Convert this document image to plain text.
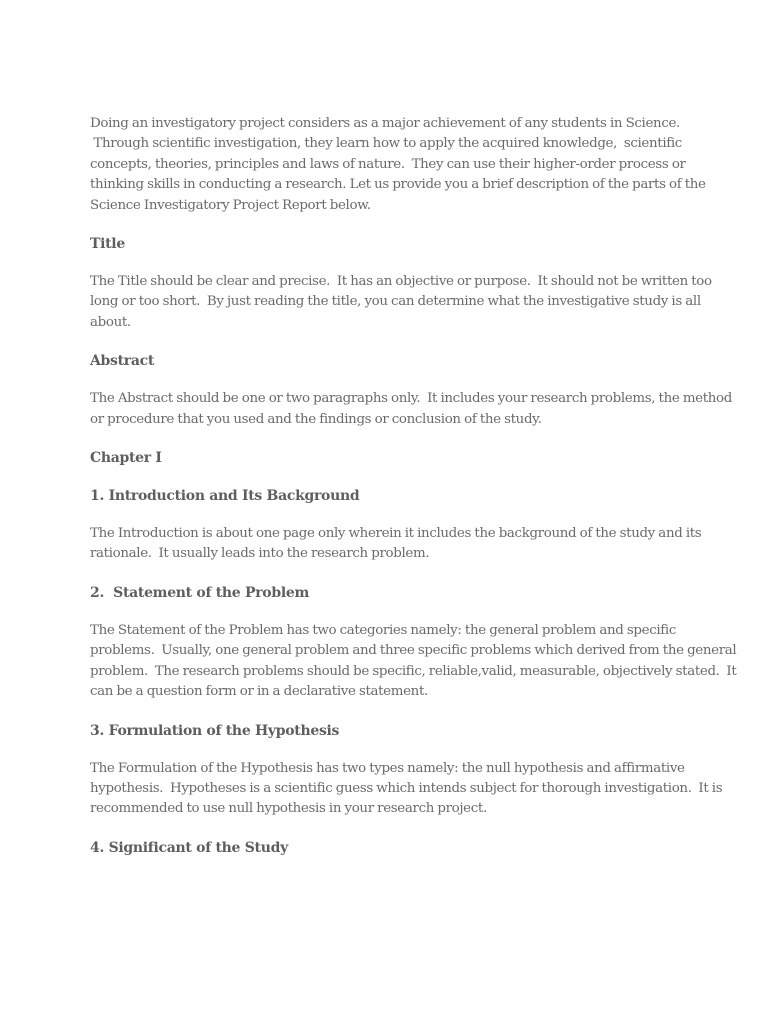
Doing an investigatory project considers as a major achievement of any students in Science.
Through scientific investigation, they learn how to apply the acquired knowledge,  scientific
concepts, theories, principles and laws of nature.  They can use their higher-order process or
thinking skills in conducting a research. Let us provide you a brief description of the parts of the
Science Investigatory Project Report below.

Title

The Title should be clear and precise.  It has an objective or purpose.  It should not be written too
long or too short.  By just reading the title, you can determine what the investigative study is all
about.

Abstract

The Abstract should be one or two paragraphs only.  It includes your research problems, the method
or procedure that you used and the findings or conclusion of the study.

Chapter I
1. Introduction and Its Background

The Introduction is about one page only wherein it includes the background of the study and its
rationale.  It usually leads into the research problem.

2.  Statement of the Problem

The Statement of the Problem has two categories namely: the general problem and specific
problems.  Usually, one general problem and three specific problems which derived from the general
problem.  The research problems should be specific, reliable,valid, measurable, objectively stated.  It
can be a question form or in a declarative statement.

3. Formulation of the Hypothesis

The Formulation of the Hypothesis has two types namely: the null hypothesis and affirmative
hypothesis.  Hypotheses is a scientific guess which intends subject for thorough investigation.  It is
recommended to use null hypothesis in your research project.

4. Significant of the Study
